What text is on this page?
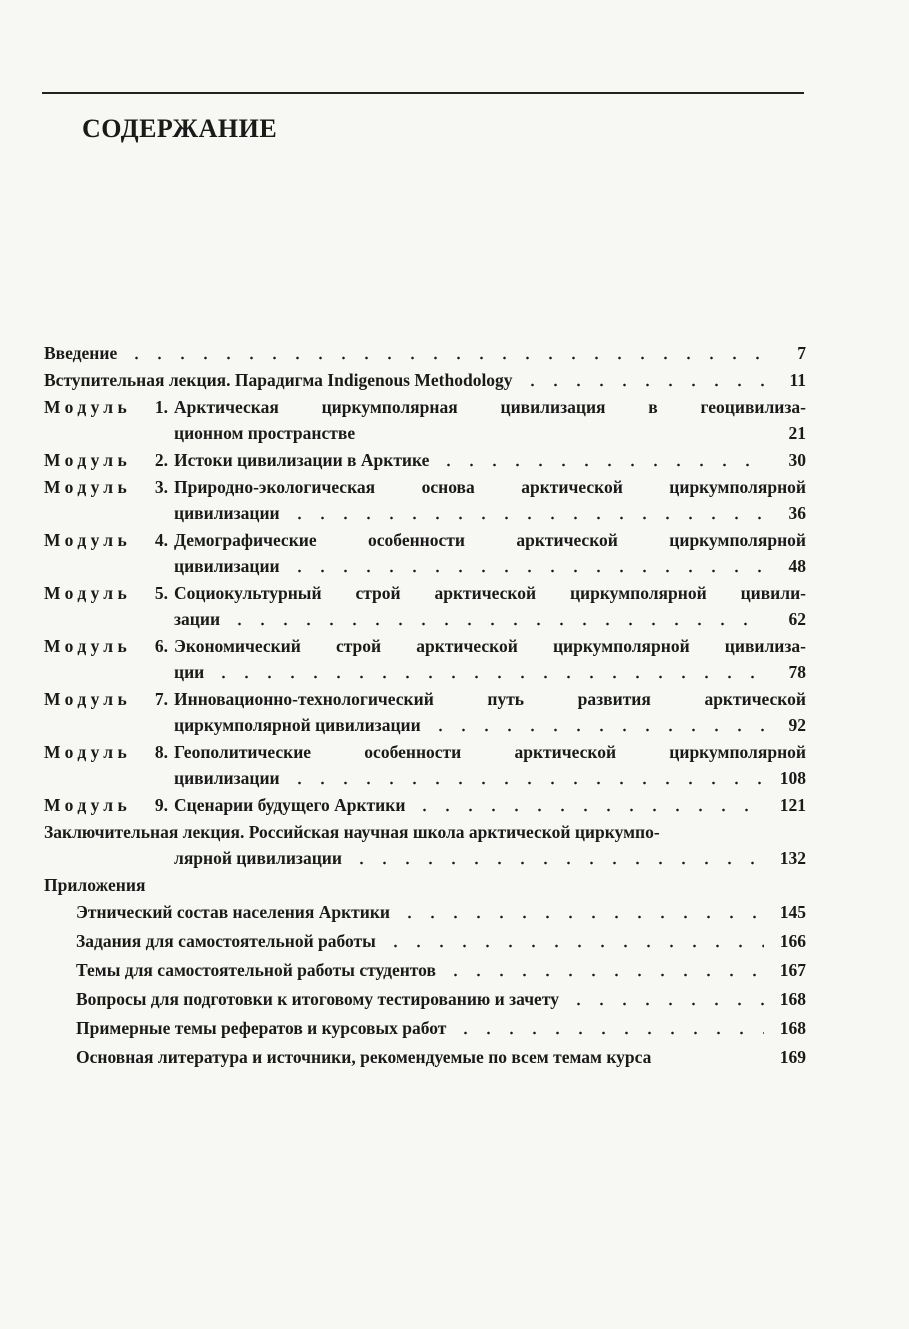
СОДЕРЖАНИЕ
Введение	7
Вступительная лекция. Парадигма Indigenous Methodology	11
Модуль	1. Арктическая циркумполярная цивилизация в геоцивилиза-
ционном пространстве	21
Модуль	2. Истоки цивилизации в Арктике	30
Модуль	3. Природно-экологическая основа арктической циркумполярной
цивилизации	36
Модуль	4. Демографические особенности арктической циркумполярной
цивилизации	48
Модуль	5. Социокультурный строй арктической циркумполярной цивили-
зации	62
Модуль	6. Экономический строй арктической циркумполярной цивилиза-
ции	78
Модуль	7. Инновационно-технологический путь развития арктической
циркумполярной цивилизации	92
Модуль	8. Геополитические особенности арктической циркумполярной
цивилизации	108
Модуль	9. Сценарии будущего Арктики	121
Заключительная лекция. Российская научная школа арктической циркумпо-
лярной цивилизации	132
Приложения
Этнический состав населения Арктики	145
Задания для самостоятельной работы	166
Темы для самостоятельной работы студентов	167
Вопросы для подготовки к итоговому тестированию и зачету	168
Примерные темы рефератов и курсовых работ	168
Основная литература и источники, рекомендуемые по всем темам курса	169
